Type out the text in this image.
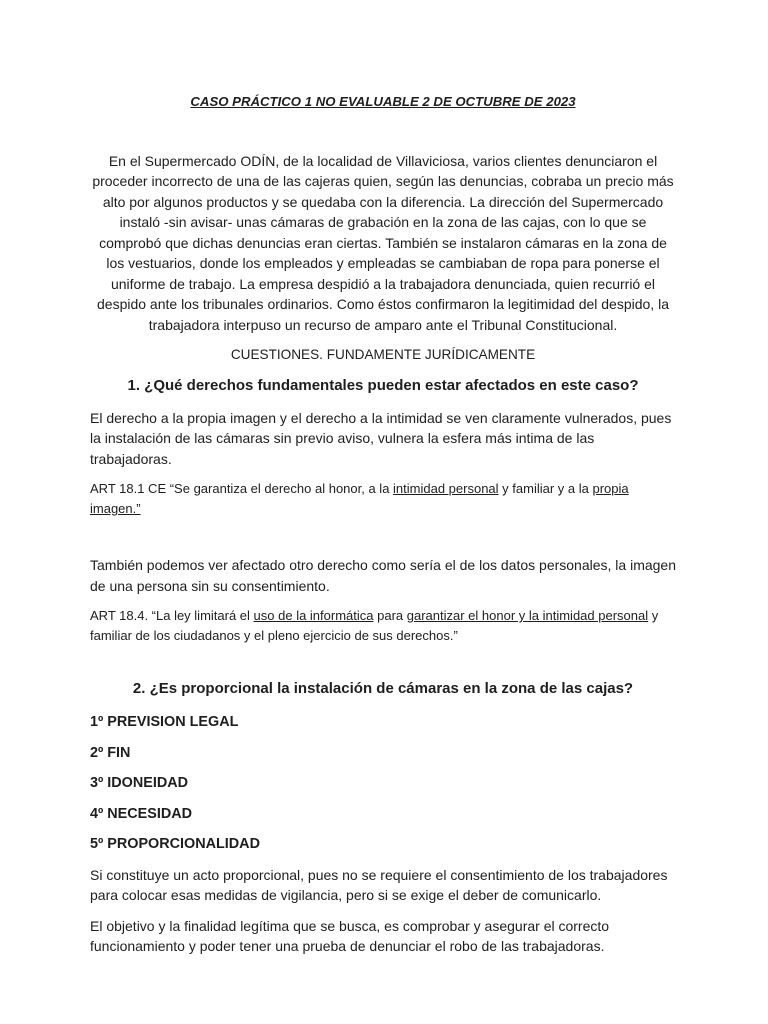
CASO PRÁCTICO 1 NO EVALUABLE 2 DE OCTUBRE DE 2023

En el Supermercado ODÍN, de la localidad de Villaviciosa, varios clientes denunciaron el proceder incorrecto de una de las cajeras quien, según las denuncias, cobraba un precio más alto por algunos productos y se quedaba con la diferencia. La dirección del Supermercado instaló -sin avisar- unas cámaras de grabación en la zona de las cajas, con lo que se comprobó que dichas denuncias eran ciertas. También se instalaron cámaras en la zona de los vestuarios, donde los empleados y empleadas se cambiaban de ropa para ponerse el uniforme de trabajo. La empresa despidió a la trabajadora denunciada, quien recurrió el despido ante los tribunales ordinarios. Como éstos confirmaron la legitimidad del despido, la trabajadora interpuso un recurso de amparo ante el Tribunal Constitucional.

CUESTIONES. FUNDAMENTE JURÍDICAMENTE

1. ¿Qué derechos fundamentales pueden estar afectados en este caso?

El derecho a la propia imagen y el derecho a la intimidad se ven claramente vulnerados, pues la instalación de las cámaras sin previo aviso, vulnera la esfera más intima de las trabajadoras.

ART 18.1 CE “Se garantiza el derecho al honor, a la intimidad personal y familiar y a la propia imagen.”

También podemos ver afectado otro derecho como sería el de los datos personales, la imagen de una persona sin su consentimiento.

ART 18.4. “La ley limitará el uso de la informática para garantizar el honor y la intimidad personal y familiar de los ciudadanos y el pleno ejercicio de sus derechos.”

2. ¿Es proporcional la instalación de cámaras en la zona de las cajas?

1º PREVISION LEGAL

2º FIN

3º IDONEIDAD

4º NECESIDAD

5º PROPORCIONALIDAD

Si constituye un acto proporcional, pues no se requiere el consentimiento de los trabajadores para colocar esas medidas de vigilancia, pero si se exige el deber de comunicarlo.

El objetivo y la finalidad legítima que se busca, es comprobar y asegurar el correcto funcionamiento y poder tener una prueba de denunciar el robo de las trabajadoras.
